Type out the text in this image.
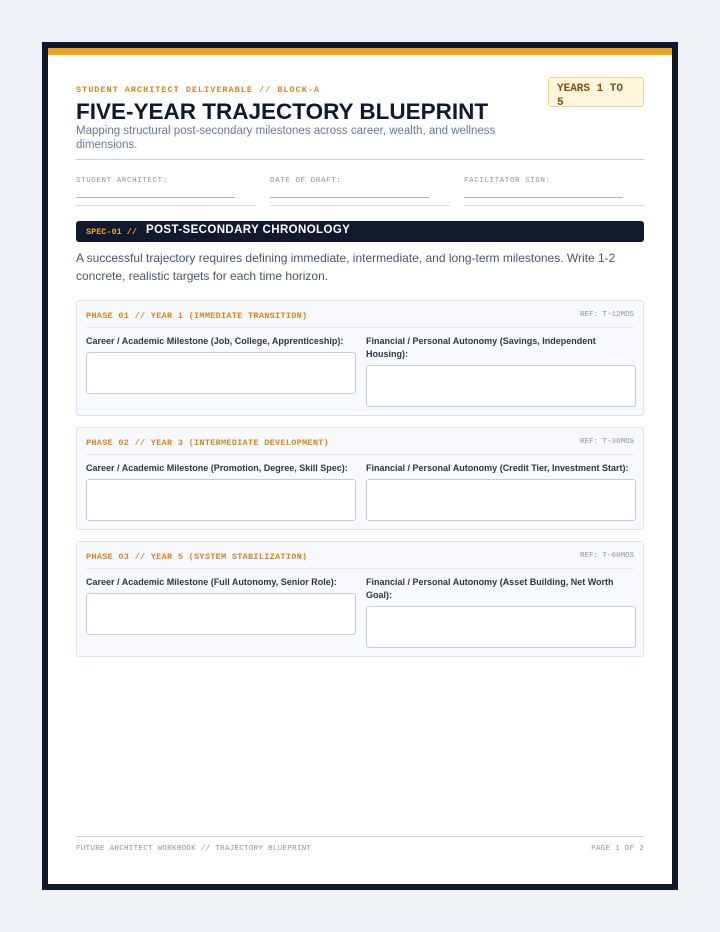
STUDENT ARCHITECT DELIVERABLE // BLOCK-A
FIVE-YEAR TRAJECTORY BLUEPRINT
Mapping structural post-secondary milestones across career, wealth, and wellness dimensions.
YEARS 1 TO 5
STUDENT ARCHITECT:	DATE OF DRAFT:	FACILITATOR SIGN:
SPEC-01 // POST-SECONDARY CHRONOLOGY
A successful trajectory requires defining immediate, intermediate, and long-term milestones. Write 1-2 concrete, realistic targets for each time horizon.
PHASE 01 // YEAR 1 (IMMEDIATE TRANSITION)	REF: T-12MOS
Career / Academic Milestone (Job, College, Apprenticeship):	Financial / Personal Autonomy (Savings, Independent Housing):
PHASE 02 // YEAR 3 (INTERMEDIATE DEVELOPMENT)	REF: T-36MOS
Career / Academic Milestone (Promotion, Degree, Skill Spec): Financial / Personal Autonomy (Credit Tier, Investment Start):
PHASE 03 // YEAR 5 (SYSTEM STABILIZATION)	REF: T-60MOS
Career / Academic Milestone (Full Autonomy, Senior Role):	Financial / Personal Autonomy (Asset Building, Net Worth Goal):
FUTURE ARCHITECT WORKBOOK // TRAJECTORY BLUEPRINT	PAGE 1 OF 2
